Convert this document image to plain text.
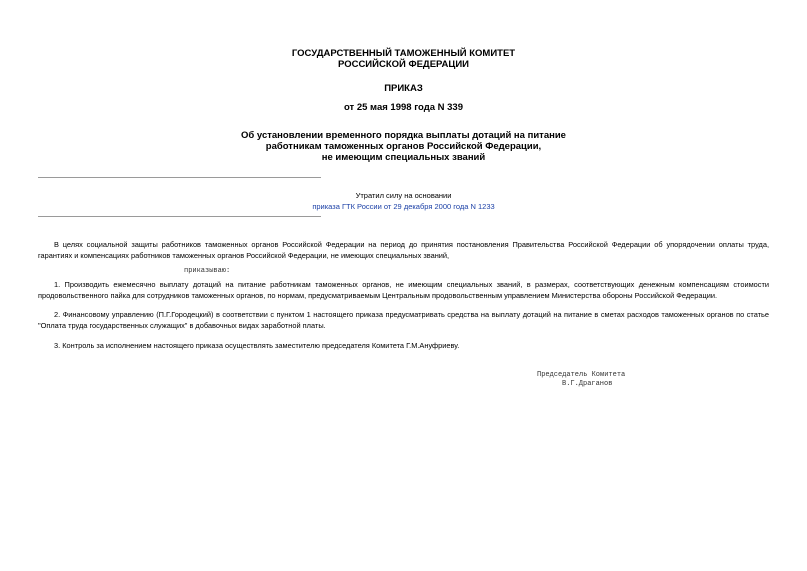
ГОСУДАРСТВЕННЫЙ ТАМОЖЕННЫЙ КОМИТЕТ
РОССИЙСКОЙ ФЕДЕРАЦИИ
ПРИКАЗ
от 25 мая 1998 года N 339
Об установлении временного порядка выплаты дотаций на питание
работникам таможенных органов Российской Федерации,
не имеющим специальных званий
Утратил силу на основании
приказа ГТК России от 29 декабря 2000 года N 1233

В целях социальной защиты работников таможенных органов Российской Федерации на период до принятия постановления Правительства Российской Федерации об упорядочении оплаты труда, гарантиях и компенсациях работников таможенных органов Российской Федерации, не имеющих специальных званий,

приказываю:

1. Производить ежемесячно выплату дотаций на питание работникам таможенных органов, не имеющим специальных званий, в размерах, соответствующих денежным компенсациям стоимости продовольственного пайка для сотрудников таможенных органов, по нормам, предусматриваемым Центральным продовольственным управлением Министерства обороны Российской Федерации.

2. Финансовому управлению (П.Г.Городецкий) в соответствии с пунктом 1 настоящего приказа предусматривать средства на выплату дотаций на питание в сметах расходов таможенных органов по статье "Оплата труда государственных служащих" в добавочных видах заработной платы.

3. Контроль за исполнением настоящего приказа осуществлять заместителю председателя Комитета Г.М.Ануфриеву.

Председатель Комитета
В.Г.Драганов
